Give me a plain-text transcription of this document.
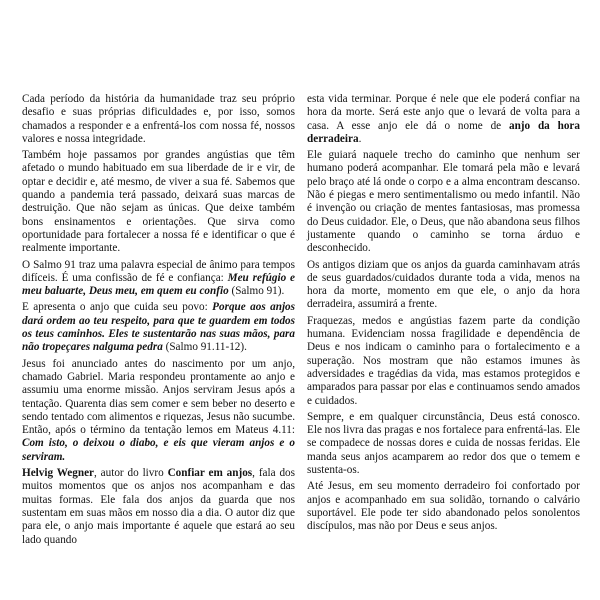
Cada período da história da humanidade traz seu próprio desafio e suas próprias dificuldades e, por isso, somos chamados a responder e a enfrentá-los com nossa fé, nossos valores e nossa integridade.

Também hoje passamos por grandes angústias que têm afetado o mundo habituado em sua liberdade de ir e vir, de optar e decidir e, até mesmo, de viver a sua fé. Sabemos que quando a pandemia terá passado, deixará suas marcas de destruição. Que não sejam as únicas. Que deixe também bons ensinamentos e orientações. Que sirva como oportunidade para fortalecer a nossa fé e identificar o que é realmente importante.

O Salmo 91 traz uma palavra especial de ânimo para tempos difíceis. É uma confissão de fé e confiança: Meu refúgio e meu baluarte, Deus meu, em quem eu confio (Salmo 91).

E apresenta o anjo que cuida seu povo: Porque aos anjos dará ordem ao teu respeito, para que te guardem em todos os teus caminhos. Eles te sustentarão nas suas mãos, para não tropeçares nalguma pedra (Salmo 91.11-12).

Jesus foi anunciado antes do nascimento por um anjo, chamado Gabriel. Maria respondeu prontamente ao anjo e assumiu uma enorme missão. Anjos serviram Jesus após a tentação. Quarenta dias sem comer e sem beber no deserto e sendo tentado com alimentos e riquezas, Jesus não sucumbe. Então, após o término da tentação lemos em Mateus 4.11: Com isto, o deixou o diabo, e eis que vieram anjos e o serviram.

Helvig Wegner, autor do livro Confiar em anjos, fala dos muitos momentos que os anjos nos acompanham e das muitas formas. Ele fala dos anjos da guarda que nos sustentam em suas mãos em nosso dia a dia. O autor diz que para ele, o anjo mais importante é aquele que estará ao seu lado quando

esta vida terminar. Porque é nele que ele poderá confiar na hora da morte. Será este anjo que o levará de volta para a casa. A esse anjo ele dá o nome de anjo da hora derradeira.

Ele guiará naquele trecho do caminho que nenhum ser humano poderá acompanhar. Ele tomará pela mão e levará pelo braço até lá onde o corpo e a alma encontram descanso. Não é piegas e mero sentimentalismo ou medo infantil. Não é invenção ou criação de mentes fantasiosas, mas promessa do Deus cuidador. Ele, o Deus, que não abandona seus filhos justamente quando o caminho se torna árduo e desconhecido.

Os antigos diziam que os anjos da guarda caminhavam atrás de seus guardados/cuidados durante toda a vida, menos na hora da morte, momento em que ele, o anjo da hora derradeira, assumirá a frente.

Fraquezas, medos e angústias fazem parte da condição humana. Evidenciam nossa fragilidade e dependência de Deus e nos indicam o caminho para o fortalecimento e a superação. Nos mostram que não estamos imunes às adversidades e tragédias da vida, mas estamos protegidos e amparados para passar por elas e continuamos sendo amados e cuidados.

Sempre, e em qualquer circunstância, Deus está conosco. Ele nos livra das pragas e nos fortalece para enfrentá-las. Ele se compadece de nossas dores e cuida de nossas feridas. Ele manda seus anjos acamparem ao redor dos que o temem e sustenta-os.

Até Jesus, em seu momento derradeiro foi confortado por anjos e acompanhado em sua solidão, tornando o calvário suportável. Ele pode ter sido abandonado pelos sonolentos discípulos, mas não por Deus e seus anjos.
